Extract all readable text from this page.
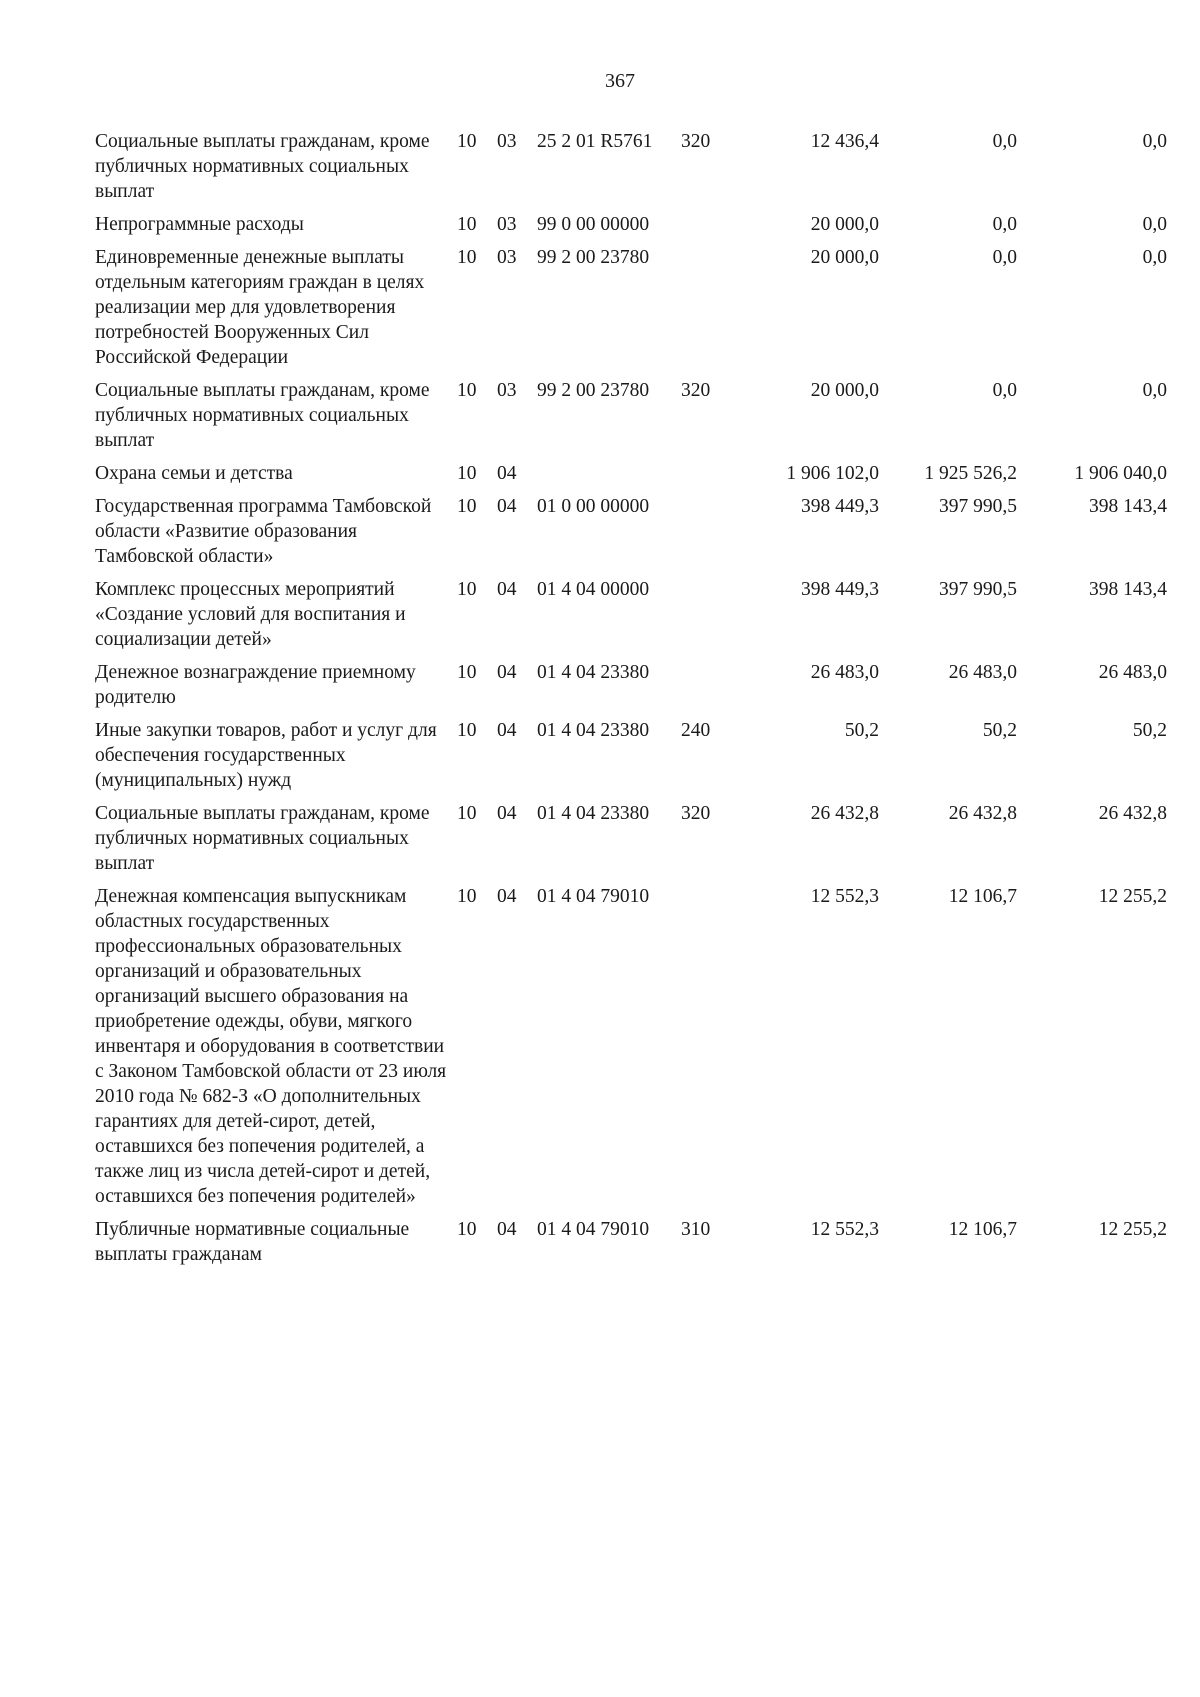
367
Социальные выплаты гражданам, кроме публичных нормативных социальных выплат	10	03	25 2 01 R5761	320	12 436,4	0,0	0,0
Непрограммные расходы	10	03	99 0 00 00000		20 000,0	0,0	0,0
Единовременные денежные выплаты отдельным категориям граждан в целях реализации мер для удовлетворения потребностей Вооруженных Сил Российской Федерации	10	03	99 2 00 23780		20 000,0	0,0	0,0
Социальные выплаты гражданам, кроме публичных нормативных социальных выплат	10	03	99 2 00 23780	320	20 000,0	0,0	0,0
Охрана семьи и детства	10	04			1 906 102,0	1 925 526,2	1 906 040,0
Государственная программа Тамбовской области «Развитие образования Тамбовской области»	10	04	01 0 00 00000		398 449,3	397 990,5	398 143,4
Комплекс процессных мероприятий «Создание условий для воспитания и социализации детей»	10	04	01 4 04 00000		398 449,3	397 990,5	398 143,4
Денежное вознаграждение приемному родителю	10	04	01 4 04 23380		26 483,0	26 483,0	26 483,0
Иные закупки товаров, работ и услуг для обеспечения государственных (муниципальных) нужд	10	04	01 4 04 23380	240	50,2	50,2	50,2
Социальные выплаты гражданам, кроме публичных нормативных социальных выплат	10	04	01 4 04 23380	320	26 432,8	26 432,8	26 432,8
Денежная компенсация выпускникам областных государственных профессиональных образовательных организаций и образовательных организаций высшего образования на приобретение одежды, обуви, мягкого инвентаря и оборудования в соответствии с Законом Тамбовской области от 23 июля 2010 года № 682-З «О дополнительных гарантиях для детей-сирот, детей, оставшихся без попечения родителей, а также лиц из числа детей-сирот и детей, оставшихся без попечения родителей»	10	04	01 4 04 79010		12 552,3	12 106,7	12 255,2
Публичные нормативные социальные выплаты гражданам	10	04	01 4 04 79010	310	12 552,3	12 106,7	12 255,2
